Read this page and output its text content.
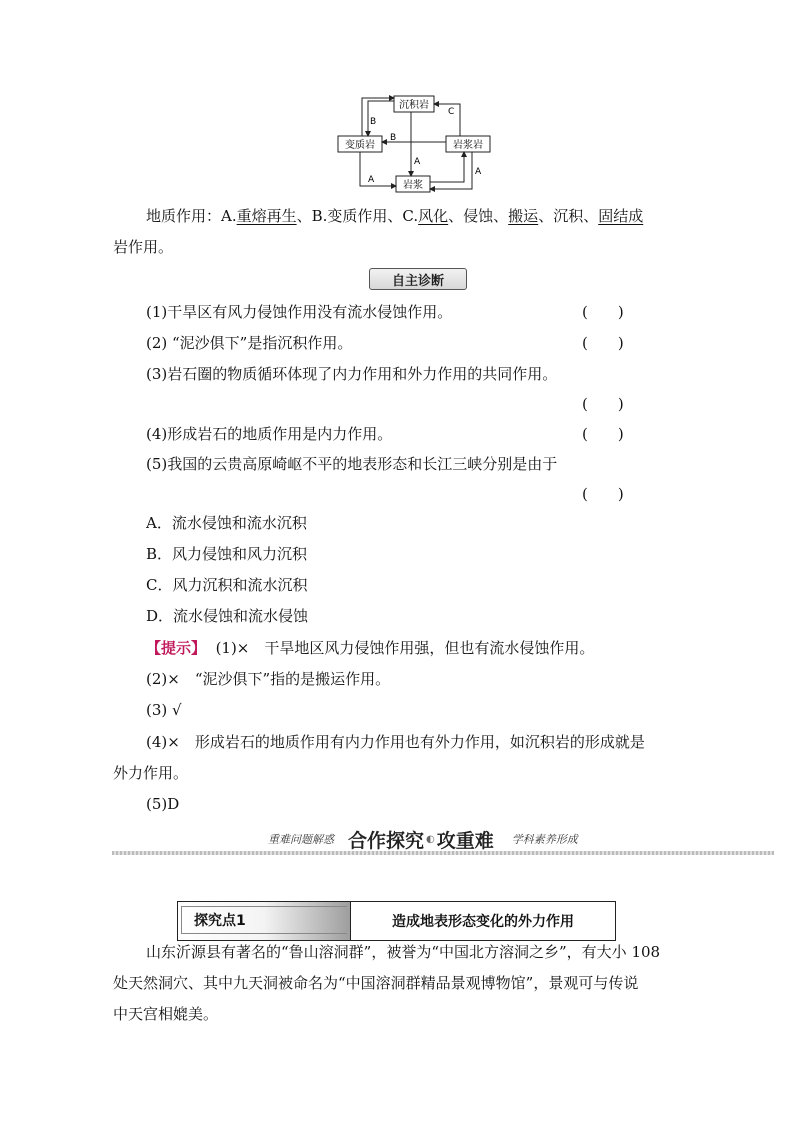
沉积岩
变质岩	岩浆岩
岩浆
C
B
B
A
A
A
地质作用：A.重熔再生、B.变质作用、C.风化、侵蚀、搬运、沉积、固结成
岩作用。
自主诊断
(1)干旱区有风力侵蚀作用没有流水侵蚀作用。	(　　)
(2) “泥沙俱下”是指沉积作用。	(　　)
(3)岩石圈的物质循环体现了内力作用和外力作用的共同作用。
(　　)
(4)形成岩石的地质作用是内力作用。	(　　)
(5)我国的云贵高原崎岖不平的地表形态和长江三峡分别是由于
(　　)
A．流水侵蚀和流水沉积
B．风力侵蚀和风力沉积
C．风力沉积和流水沉积
D．流水侵蚀和流水侵蚀
【提示】 (1)×　干旱地区风力侵蚀作用强，但也有流水侵蚀作用。
(2)×　“泥沙俱下”指的是搬运作用。
(3) √
(4)×　形成岩石的地质作用有内力作用也有外力作用，如沉积岩的形成就是
外力作用。
(5)D
重难问题解惑 合作探究 ◐ 攻重难 学科素养形成
探究点1	造成地表形态变化的外力作用
山东沂源县有著名的“鲁山溶洞群”，被誉为“中国北方溶洞之乡”，有大小 108
处天然洞穴、其中九天洞被命名为“中国溶洞群精品景观博物馆”，景观可与传说
中天宫相媲美。
